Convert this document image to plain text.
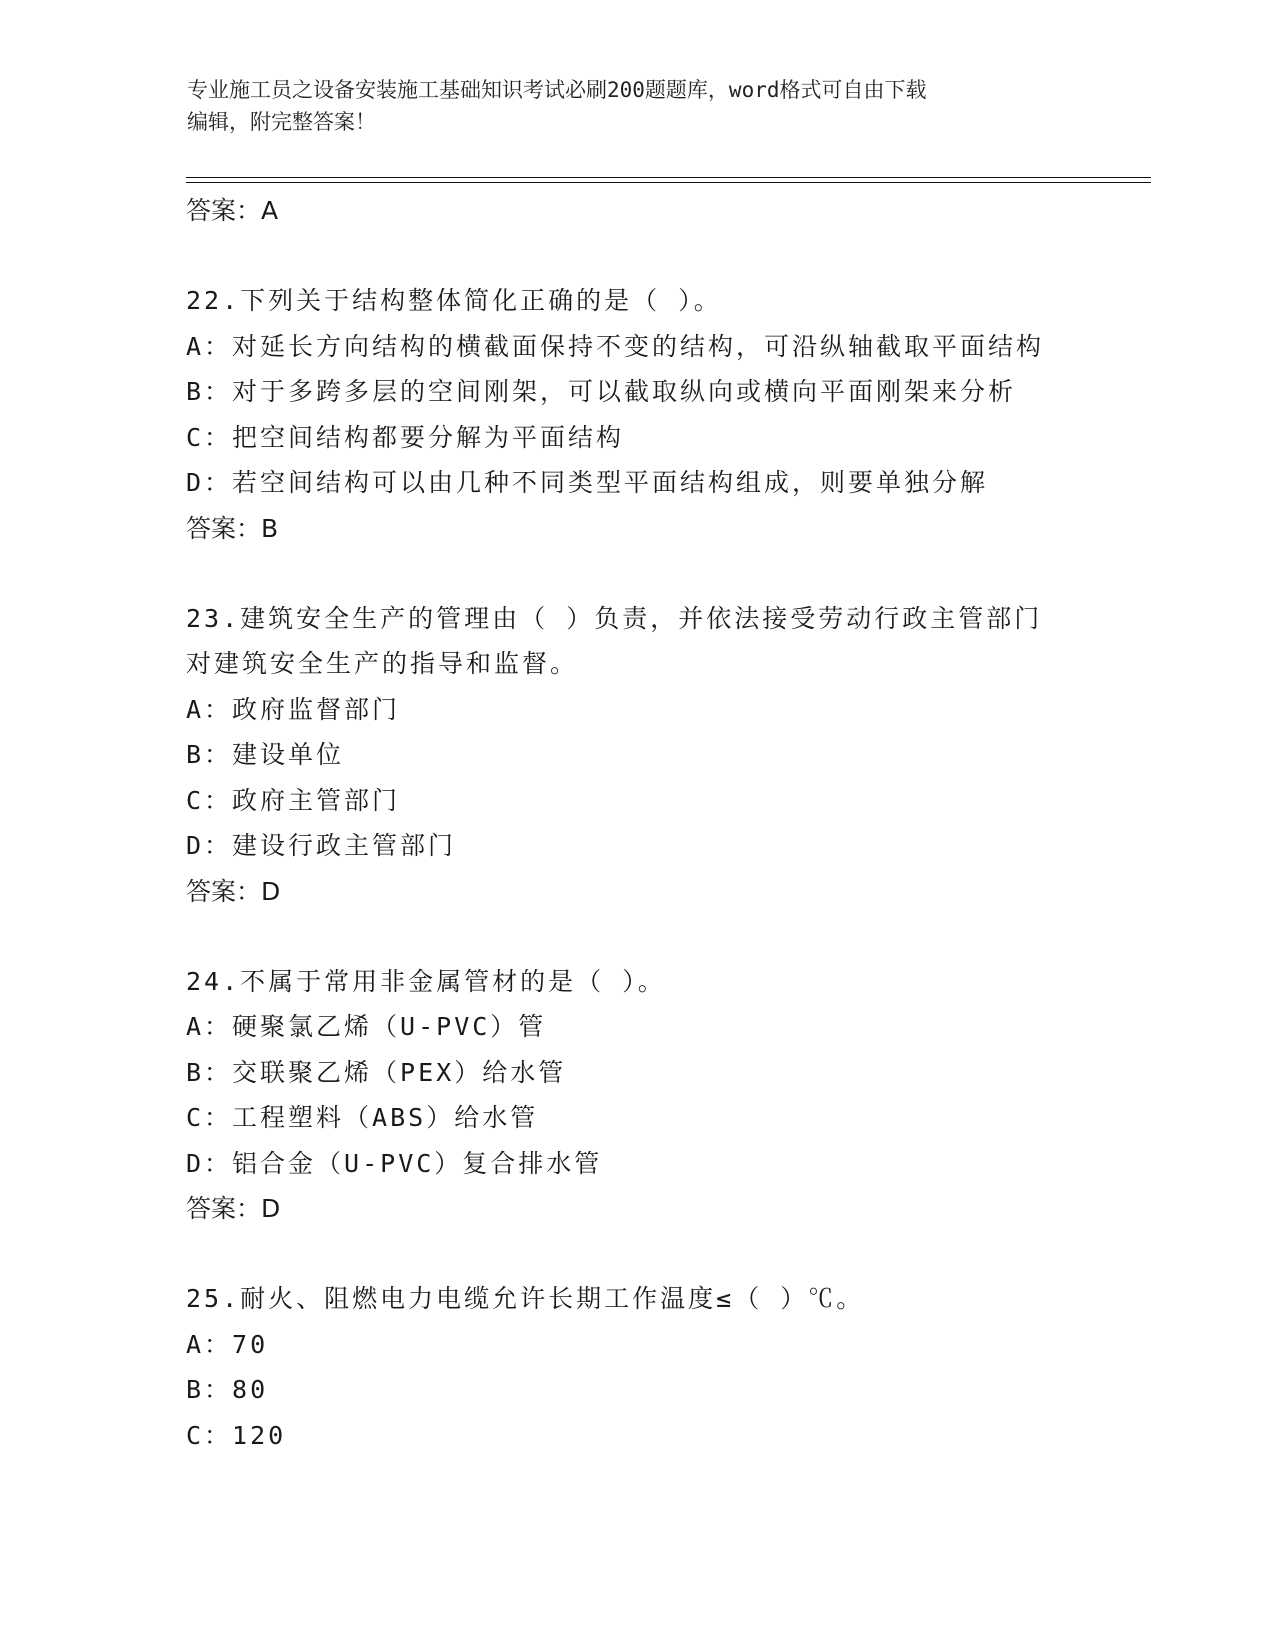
专业施工员之设备安装施工基础知识考试必刷200题题库，word格式可自由下载
编辑，附完整答案！
答案：A
22.下列关于结构整体简化正确的是（ ）。
A：对延长方向结构的横截面保持不变的结构，可沿纵轴截取平面结构
B：对于多跨多层的空间刚架，可以截取纵向或横向平面刚架来分析
C：把空间结构都要分解为平面结构
D：若空间结构可以由几种不同类型平面结构组成，则要单独分解
答案：B
23.建筑安全生产的管理由（ ）负责，并依法接受劳动行政主管部门
对建筑安全生产的指导和监督。
A：政府监督部门
B：建设单位
C：政府主管部门
D：建设行政主管部门
答案：D
24.不属于常用非金属管材的是（ ）。
A：硬聚氯乙烯（U-PVC）管
B：交联聚乙烯（PEX）给水管
C：工程塑料（ABS）给水管
D：铝合金（U-PVC）复合排水管
答案：D
25.耐火、阻燃电力电缆允许长期工作温度≤（ ）℃。
A：70
B：80
C：120
